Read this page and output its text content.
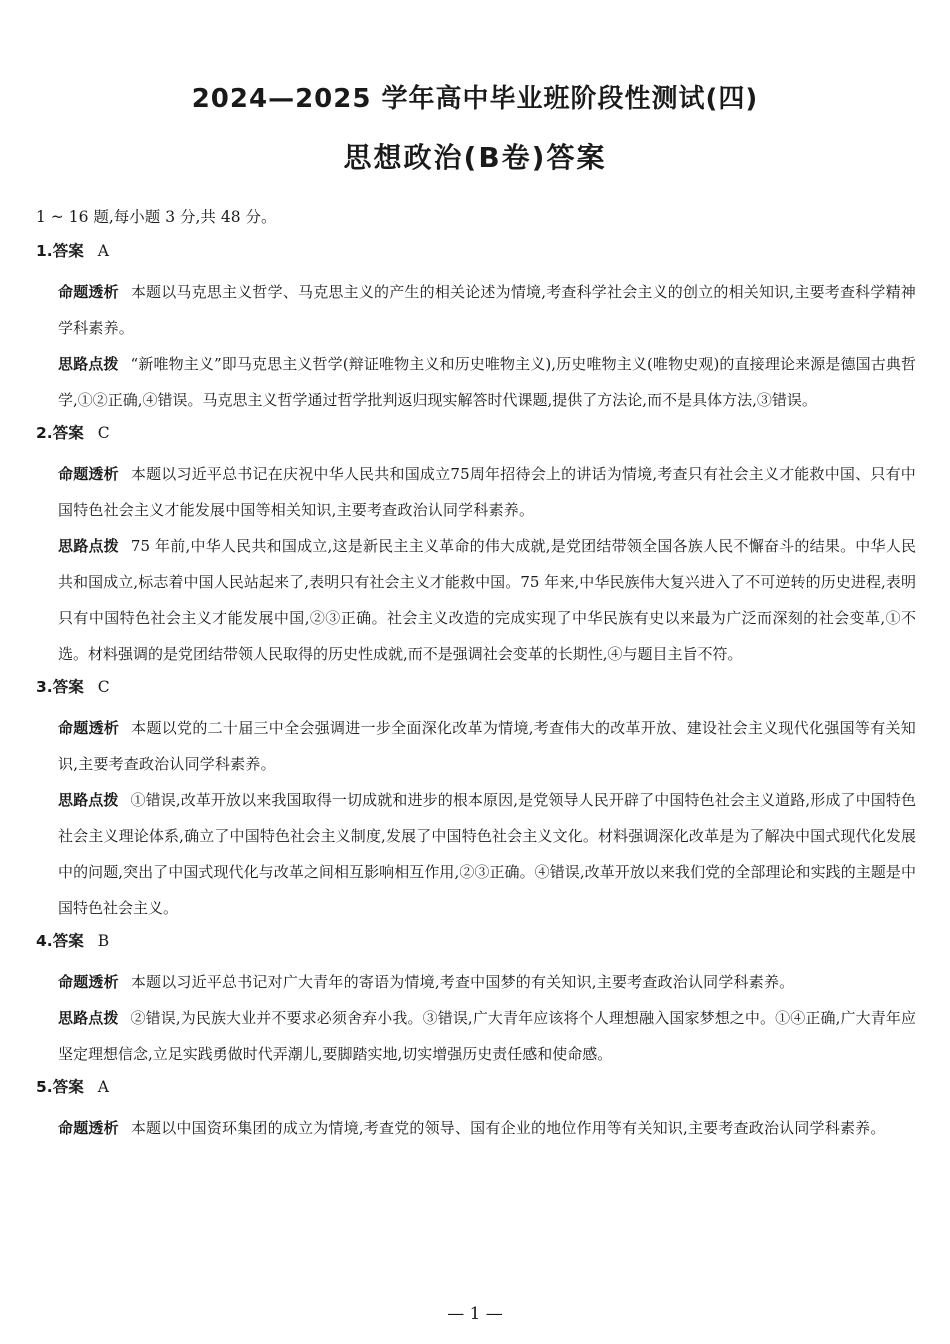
2024—2025 学年高中毕业班阶段性测试(四)
思想政治(B卷)答案
1 ~ 16 题,每小题 3 分,共 48 分。
1.答案 A
命题透析 本题以马克思主义哲学、马克思主义的产生的相关论述为情境,考查科学社会主义的创立的相关知识,主要考查科学精神学科素养。
思路点拨 “新唯物主义”即马克思主义哲学(辩证唯物主义和历史唯物主义),历史唯物主义(唯物史观)的直接理论来源是德国古典哲学,①②正确,④错误。马克思主义哲学通过哲学批判返归现实解答时代课题,提供了方法论,而不是具体方法,③错误。
2.答案 C
命题透析 本题以习近平总书记在庆祝中华人民共和国成立75周年招待会上的讲话为情境,考查只有社会主义才能救中国、只有中国特色社会主义才能发展中国等相关知识,主要考查政治认同学科素养。
思路点拨 75 年前,中华人民共和国成立,这是新民主主义革命的伟大成就,是党团结带领全国各族人民不懈奋斗的结果。中华人民共和国成立,标志着中国人民站起来了,表明只有社会主义才能救中国。75 年来,中华民族伟大复兴进入了不可逆转的历史进程,表明只有中国特色社会主义才能发展中国,②③正确。社会主义改造的完成实现了中华民族有史以来最为广泛而深刻的社会变革,①不选。材料强调的是党团结带领人民取得的历史性成就,而不是强调社会变革的长期性,④与题目主旨不符。
3.答案 C
命题透析 本题以党的二十届三中全会强调进一步全面深化改革为情境,考查伟大的改革开放、建设社会主义现代化强国等有关知识,主要考查政治认同学科素养。
思路点拨 ①错误,改革开放以来我国取得一切成就和进步的根本原因,是党领导人民开辟了中国特色社会主义道路,形成了中国特色社会主义理论体系,确立了中国特色社会主义制度,发展了中国特色社会主义文化。材料强调深化改革是为了解决中国式现代化发展中的问题,突出了中国式现代化与改革之间相互影响相互作用,②③正确。④错误,改革开放以来我们党的全部理论和实践的主题是中国特色社会主义。
4.答案 B
命题透析 本题以习近平总书记对广大青年的寄语为情境,考查中国梦的有关知识,主要考查政治认同学科素养。
思路点拨 ②错误,为民族大业并不要求必须舍弃小我。③错误,广大青年应该将个人理想融入国家梦想之中。①④正确,广大青年应坚定理想信念,立足实践勇做时代弄潮儿,要脚踏实地,切实增强历史责任感和使命感。
5.答案 A
命题透析 本题以中国资环集团的成立为情境,考查党的领导、国有企业的地位作用等有关知识,主要考查政治认同学科素养。
— 1 —
